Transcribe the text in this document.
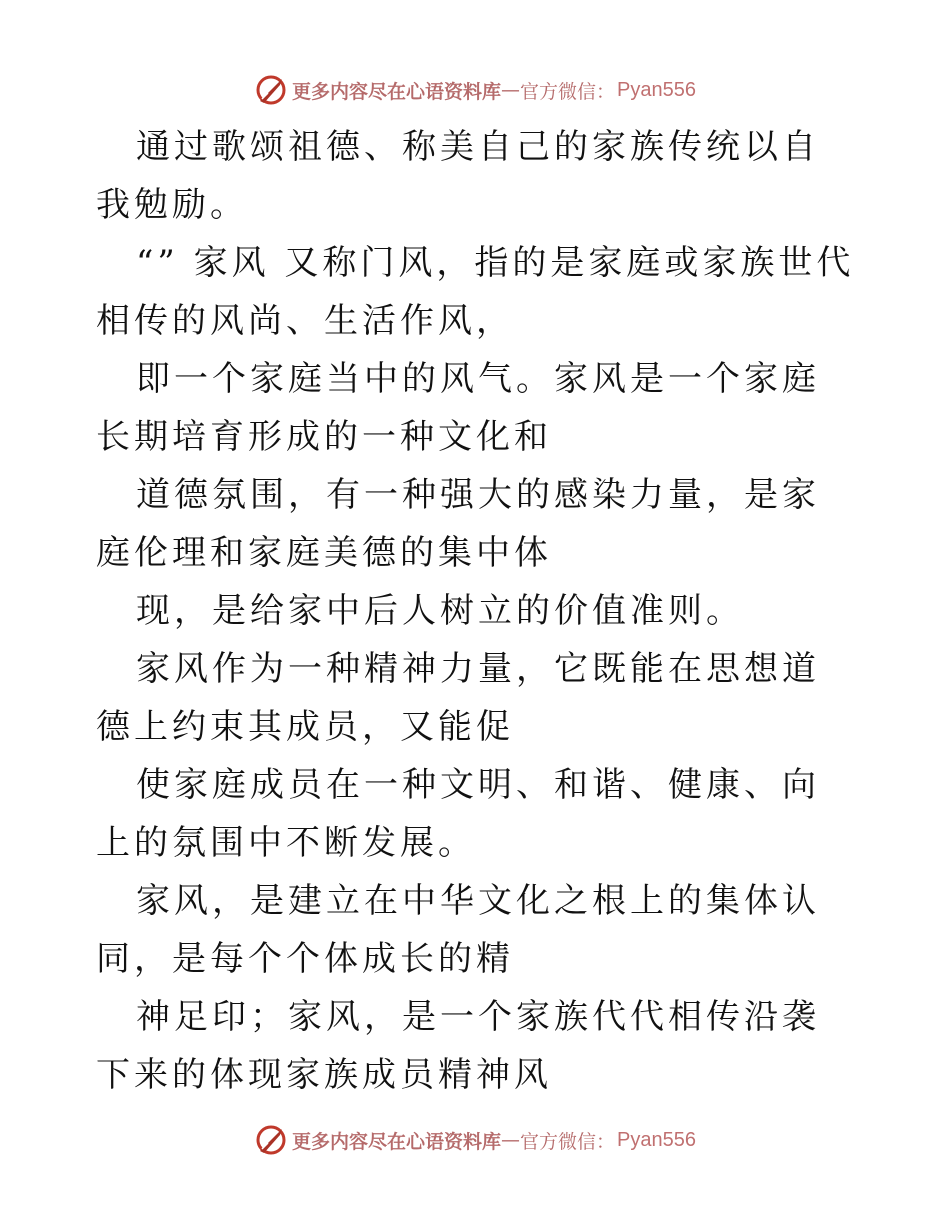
更多内容尽在心语资料库 — 官方微信： Pyan556

通过歌颂祖德、称美自己的家族传统以自我勉励。

“” 家风 又称门风，指的是家庭或家族世代相传的风尚、生活作风，

即一个家庭当中的风气。家风是一个家庭长期培育形成的一种文化和

道德氛围，有一种强大的感染力量，是家庭伦理和家庭美德的集中体

现，是给家中后人树立的价值准则。

家风作为一种精神力量，它既能在思想道德上约束其成员，又能促

使家庭成员在一种文明、和谐、健康、向上的氛围中不断发展。

家风，是建立在中华文化之根上的集体认同，是每个个体成长的精

神足印；家风，是一个家族代代相传沿袭下来的体现家族成员精神风

更多内容尽在心语资料库 — 官方微信： Pyan556
